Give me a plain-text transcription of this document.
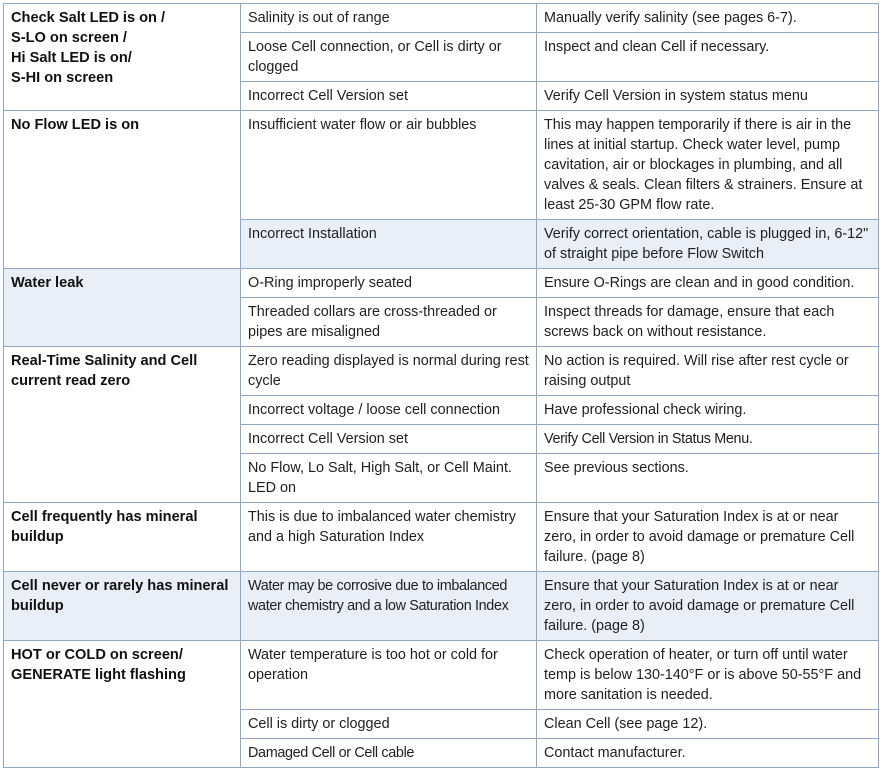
Check Salt LED is on /
S-LO on screen /
Hi Salt LED is on/
S-HI on screen	Salinity is out of range	Manually verify salinity (see pages 6-7).
	Loose Cell connection, or Cell is dirty or clogged	Inspect and clean Cell if necessary.
	Incorrect Cell Version set	Verify Cell Version in system status menu
No Flow LED is on	Insufficient water flow or air bubbles	This may happen temporarily if there is air in the lines at initial startup. Check water level, pump cavitation, air or blockages in plumbing, and all valves & seals. Clean filters & strainers. Ensure at least 25-30 GPM flow rate.
	Incorrect Installation	Verify correct orientation, cable is plugged in, 6-12" of straight pipe before Flow Switch
Water leak	O-Ring improperly seated	Ensure O-Rings are clean and in good condition.
	Threaded collars are cross-threaded or pipes are misaligned	Inspect threads for damage, ensure that each screws back on without resistance.
Real-Time Salinity and Cell current read zero	Zero reading displayed is normal during rest cycle	No action is required. Will rise after rest cycle or raising output
	Incorrect voltage / loose cell connection	Have professional check wiring.
	Incorrect Cell Version set	Verify Cell Version in Status Menu.
	No Flow, Lo Salt, High Salt, or Cell Maint. LED on	See previous sections.
Cell frequently has mineral buildup	This is due to imbalanced water chemistry and a high Saturation Index	Ensure that your Saturation Index is at or near zero, in order to avoid damage or premature Cell failure. (page 8)
Cell never or rarely has mineral buildup	Water may be corrosive due to imbalanced water chemistry and a low Saturation Index	Ensure that your Saturation Index is at or near zero, in order to avoid damage or premature Cell failure. (page 8)

HOT or COLD on screen/
GENERATE light flashing	Water temperature is too hot or cold for operation	Check operation of heater, or turn off until water temp is below 130-140°F or is above 50-55°F and more sanitation is needed.
	Cell is dirty or clogged	Clean Cell (see page 12).
	Damaged Cell or Cell cable	Contact manufacturer.
